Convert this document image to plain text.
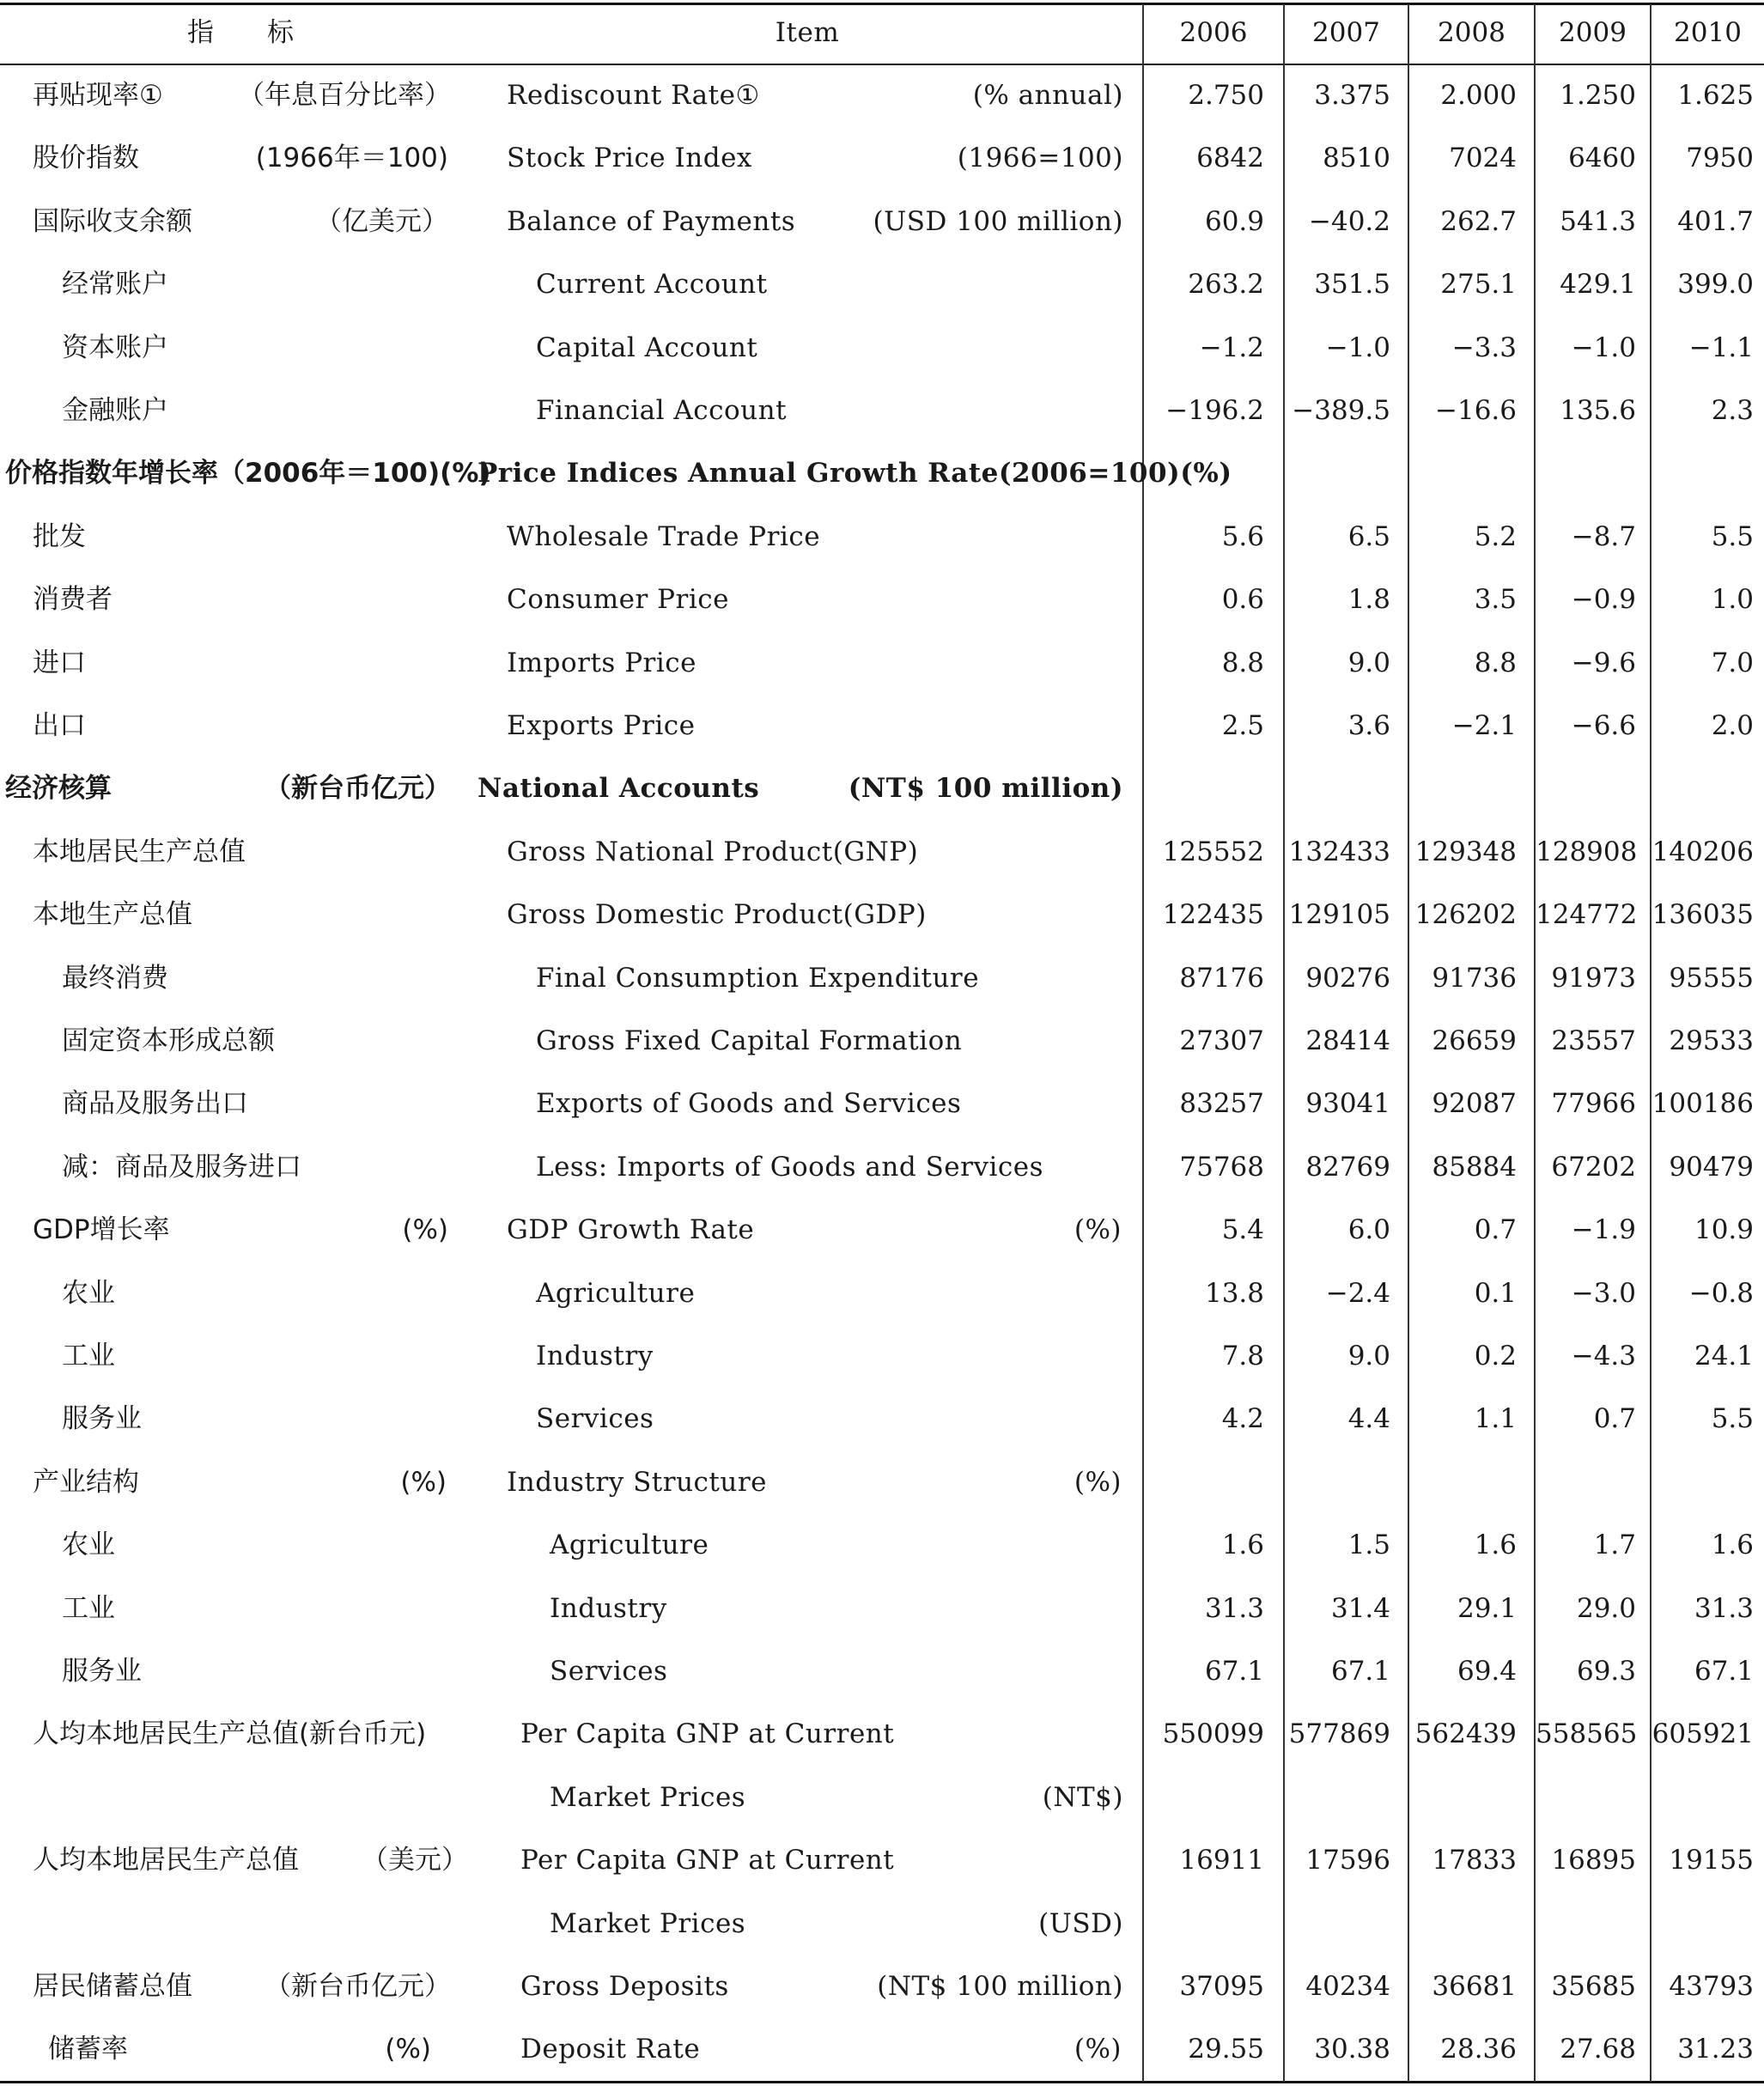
指　　标	Item	2006	2007	2008	2009	2010
再贴现率①	（年息百分比率） Rediscount Rate①	(% annual)	2.750	3.375	2.000	1.250	1.625
股价指数	(1966年＝100) Stock Price Index	(1966=100)	6842	8510	7024	6460	7950
国际收支余额	（亿美元） Balance of Payments	(USD 100 million)	60.9	−40.2	262.7	541.3	401.7
经常账户	Current Account	263.2	351.5	275.1	429.1	399.0
资本账户	Capital Account	−1.2	−1.0	−3.3	−1.0	−1.1
金融账户	Financial Account	−196.2 −389.5	−16.6	135.6	2.3
价格指数年增长率（2006年＝100)(%)
Price Indices Annual Growth Rate(2006=100)(%)
批发	Wholesale Trade Price	5.6	6.5	5.2	−8.7	5.5
消费者	Consumer Price	0.6	1.8	3.5	−0.9	1.0
进口	Imports Price	8.8	9.0	8.8	−9.6	7.0
出口	Exports Price	2.5	3.6	−2.1	−6.6	2.0
经济核算	（新台币亿元） National Accounts	(NT$ 100 million)
本地居民生产总值	Gross National Product(GNP)	125552 132433 129348 128908 140206
本地生产总值	Gross Domestic Product(GDP)	122435 129105 126202 124772 136035
最终消费	Final Consumption Expenditure	87176	90276	91736	91973	95555
固定资本形成总额	Gross Fixed Capital Formation	27307	28414	26659	23557	29533
商品及服务出口	Exports of Goods and Services	83257	93041	92087	77966 100186
减：商品及服务进口	Less: Imports of Goods and Services	75768	82769	85884	67202	90479
GDP增长率	(%) GDP Growth Rate	(%)	5.4	6.0	0.7	−1.9	10.9
农业	Agriculture	13.8	−2.4	0.1	−3.0	−0.8
工业	Industry	7.8	9.0	0.2	−4.3	24.1
服务业	Services	4.2	4.4	1.1	0.7	5.5
产业结构	(%) Industry Structure	(%)
农业	Agriculture	1.6	1.5	1.6	1.7	1.6
工业	Industry	31.3	31.4	29.1	29.0	31.3
服务业	Services	67.1	67.1	69.4	69.3	67.1
人均本地居民生产总值(新台币元)	Per Capita GNP at Current	550099 577869 562439 558565 605921
Market Prices	(NT$)
人均本地居民生产总值	（美元） Per Capita GNP at Current	16911	17596	17833	16895	19155
Market Prices	(USD)
居民储蓄总值	（新台币亿元）	Gross Deposits	(NT$ 100 million)	37095	40234	36681	35685	43793
储蓄率	(%)	Deposit Rate	(%)	29.55	30.38	28.36	27.68	31.23
